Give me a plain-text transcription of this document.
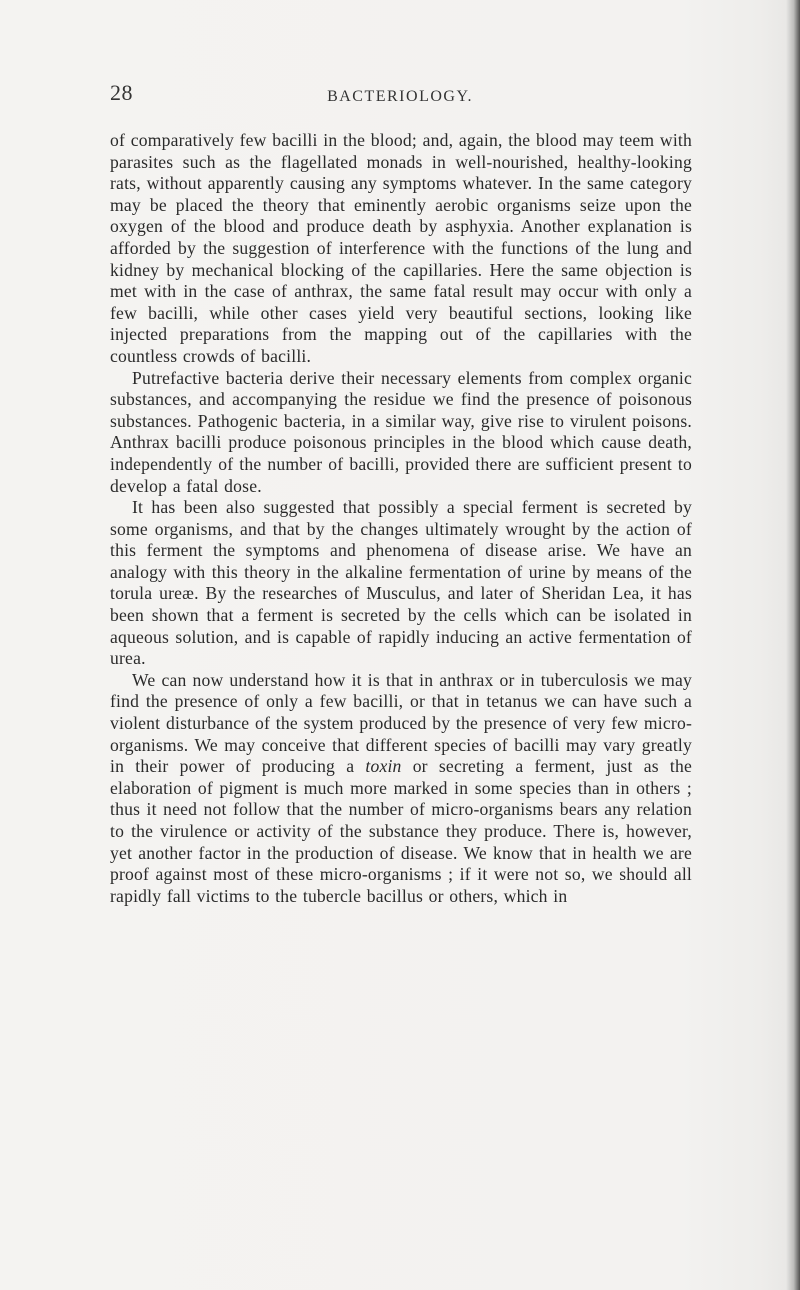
28	BACTERIOLOGY.

of comparatively few bacilli in the blood; and, again, the blood may teem with parasites such as the flagellated monads in well-nourished, healthy-looking rats, without apparently causing any symptoms whatever. In the same category may be placed the theory that eminently aerobic organisms seize upon the oxygen of the blood and produce death by asphyxia. Another explanation is afforded by the suggestion of interference with the functions of the lung and kidney by mechanical blocking of the capillaries. Here the same objection is met with in the case of anthrax, the same fatal result may occur with only a few bacilli, while other cases yield very beautiful sections, looking like injected preparations from the mapping out of the capillaries with the countless crowds of bacilli.

Putrefactive bacteria derive their necessary elements from complex organic substances, and accompanying the residue we find the presence of poisonous substances. Pathogenic bacteria, in a similar way, give rise to virulent poisons. Anthrax bacilli produce poisonous principles in the blood which cause death, independently of the number of bacilli, provided there are sufficient present to develop a fatal dose.

It has been also suggested that possibly a special ferment is secreted by some organisms, and that by the changes ultimately wrought by the action of this ferment the symptoms and phenomena of disease arise. We have an analogy with this theory in the alkaline fermentation of urine by means of the torula ureæ. By the researches of Musculus, and later of Sheridan Lea, it has been shown that a ferment is secreted by the cells which can be isolated in aqueous solution, and is capable of rapidly inducing an active fermentation of urea.

We can now understand how it is that in anthrax or in tuberculosis we may find the presence of only a few bacilli, or that in tetanus we can have such a violent disturbance of the system produced by the presence of very few micro-organisms. We may conceive that different species of bacilli may vary greatly in their power of producing a toxin or secreting a ferment, just as the elaboration of pigment is much more marked in some species than in others ; thus it need not follow that the number of micro-organisms bears any relation to the virulence or activity of the substance they produce. There is, however, yet another factor in the production of disease. We know that in health we are proof against most of these micro-organisms ; if it were not so, we should all rapidly fall victims to the tubercle bacillus or others, which in
